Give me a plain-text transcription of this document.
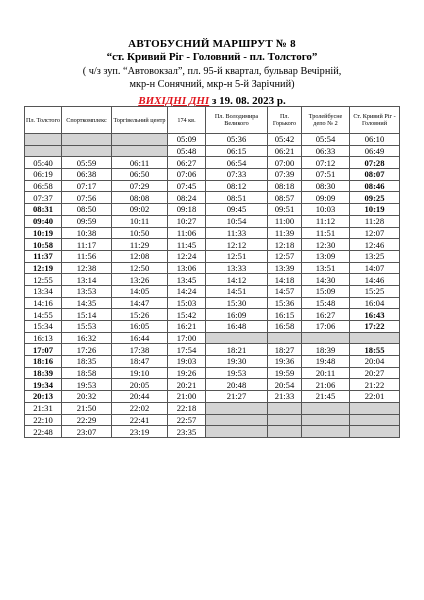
АВТОБУСНИЙ МАРШРУТ № 8
“ст. Кривий Ріг - Головний - пл. Толстого”
( ч/з зуп. “Автовокзал”, пл. 95-й квартал, бульвар Вечірній,
мкр-н Сонячний, мкр-н 5-й Зарічний)
ВИХІДНІ ДНІ з 19. 08. 2023 р.
Пл. Толстого	Спорткомплекс	Торгівельний центр	174 кв.	Пл. Володимира Великого	Пл. Горького	Тролейбусне депо № 2	Ст. Кривий Ріг - Головний
			05:09	05:36	05:42	05:54	06:10
			05:48	06:15	06:21	06:33	06:49
05:40	05:59	06:11	06:27	06:54	07:00	07:12	07:28
06:19	06:38	06:50	07:06	07:33	07:39	07:51	08:07
06:58	07:17	07:29	07:45	08:12	08:18	08:30	08:46
07:37	07:56	08:08	08:24	08:51	08:57	09:09	09:25
08:31	08:50	09:02	09:18	09:45	09:51	10:03	10:19
09:40	09:59	10:11	10:27	10:54	11:00	11:12	11:28
10:19	10:38	10:50	11:06	11:33	11:39	11:51	12:07
10:58	11:17	11:29	11:45	12:12	12:18	12:30	12:46
11:37	11:56	12:08	12:24	12:51	12:57	13:09	13:25
12:19	12:38	12:50	13:06	13:33	13:39	13:51	14:07
12:55	13:14	13:26	13:45	14:12	14:18	14:30	14:46
13:34	13:53	14:05	14:24	14:51	14:57	15:09	15:25
14:16	14:35	14:47	15:03	15:30	15:36	15:48	16:04
14:55	15:14	15:26	15:42	16:09	16:15	16:27	16:43
15:34	15:53	16:05	16:21	16:48	16:58	17:06	17:22
16:13	16:32	16:44	17:00				
17:07	17:26	17:38	17:54	18:21	18:27	18:39	18:55
18:16	18:35	18:47	19:03	19:30	19:36	19:48	20:04
18:39	18:58	19:10	19:26	19:53	19:59	20:11	20:27
19:34	19:53	20:05	20:21	20:48	20:54	21:06	21:22
20:13	20:32	20:44	21:00	21:27	21:33	21:45	22:01
21:31	21:50	22:02	22:18				
22:10	22:29	22:41	22:57				
22:48	23:07	23:19	23:35				
